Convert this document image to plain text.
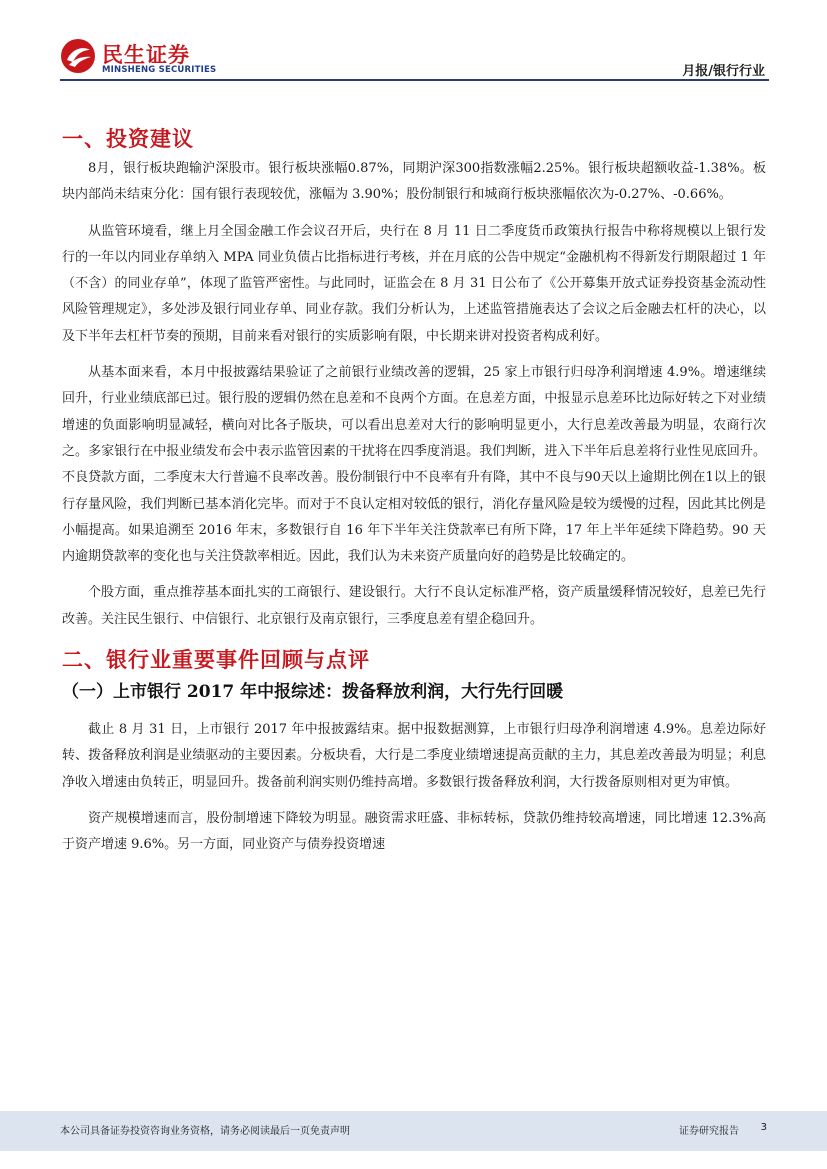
民生证券
MINSHENG SECURITIES	月报/银行行业
一、投资建议

8月，银行板块跑输沪深股市。银行板块涨幅0.87%，同期沪深300指数涨幅2.25%。银行板块超额收益-1.38%。板块内部尚未结束分化：国有银行表现较优，涨幅为 3.90%；股份制银行和城商行板块涨幅依次为-0.27%、-0.66%。

从监管环境看，继上月全国金融工作会议召开后，央行在 8 月 11 日二季度货币政策执行报告中称将规模以上银行发行的一年以内同业存单纳入 MPA 同业负债占比指标进行考核，并在月底的公告中规定“金融机构不得新发行期限超过 1 年（不含）的同业存单”，体现了监管严密性。与此同时，证监会在 8 月 31 日公布了《公开募集开放式证券投资基金流动性风险管理规定》，多处涉及银行同业存单、同业存款。我们分析认为，上述监管措施表达了会议之后金融去杠杆的决心，以及下半年去杠杆节奏的预期，目前来看对银行的实质影响有限，中长期来讲对投资者构成利好。

从基本面来看，本月中报披露结果验证了之前银行业绩改善的逻辑，25 家上市银行归母净利润增速 4.9%。增速继续回升，行业业绩底部已过。银行股的逻辑仍然在息差和不良两个方面。在息差方面，中报显示息差环比边际好转之下对业绩增速的负面影响明显减轻，横向对比各子版块，可以看出息差对大行的影响明显更小，大行息差改善最为明显，农商行次之。多家银行在中报业绩发布会中表示监管因素的干扰将在四季度消退。我们判断，进入下半年后息差将行业性见底回升。不良贷款方面，二季度末大行普遍不良率改善。股份制银行中不良率有升有降，其中不良与90天以上逾期比例在1以上的银行存量风险，我们判断已基本消化完毕。而对于不良认定相对较低的银行，消化存量风险是较为缓慢的过程，因此其比例是小幅提高。如果追溯至 2016 年末，多数银行自 16 年下半年关注贷款率已有所下降，17 年上半年延续下降趋势。90 天内逾期贷款率的变化也与关注贷款率相近。因此，我们认为未来资产质量向好的趋势是比较确定的。

个股方面，重点推荐基本面扎实的工商银行、建设银行。大行不良认定标准严格，资产质量缓释情况较好，息差已先行改善。关注民生银行、中信银行、北京银行及南京银行，三季度息差有望企稳回升。

二、银行业重要事件回顾与点评
（一）上市银行 2017 年中报综述：拨备释放利润，大行先行回暖

截止 8 月 31 日，上市银行 2017 年中报披露结束。据中报数据测算，上市银行归母净利润增速 4.9%。息差边际好转、拨备释放利润是业绩驱动的主要因素。分板块看，大行是二季度业绩增速提高贡献的主力，其息差改善最为明显；利息净收入增速由负转正，明显回升。拨备前利润实则仍维持高增。多数银行拨备释放利润，大行拨备原则相对更为审慎。

资产规模增速而言，股份制增速下降较为明显。融资需求旺盛、非标转标，贷款仍维持较高增速，同比增速 12.3%高于资产增速 9.6%。另一方面，同业资产与债券投资增速

本公司具备证券投资咨询业务资格，请务必阅读最后一页免责声明	证券研究报告 3
